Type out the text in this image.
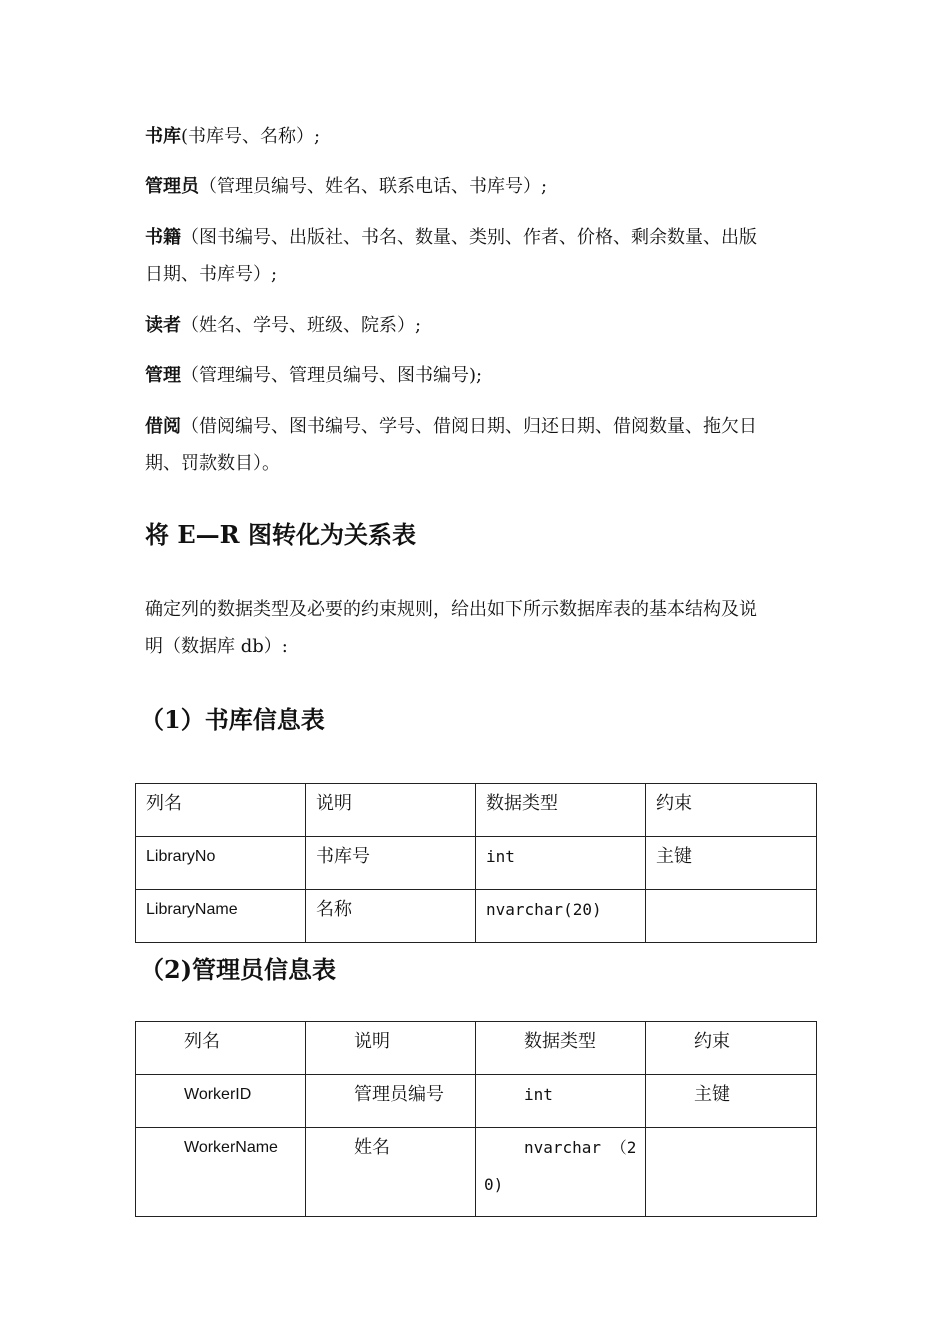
书库(书库号、名称）;
管理员（管理员编号、姓名、联系电话、书库号）;
书籍（图书编号、出版社、书名、数量、类别、作者、价格、剩余数量、出版
日期、书库号）;
读者（姓名、学号、班级、院系）;
管理（管理编号、管理员编号、图书编号);
借阅（借阅编号、图书编号、学号、借阅日期、归还日期、借阅数量、拖欠日
期、罚款数目）。
将 E—R 图转化为关系表
确定列的数据类型及必要的约束规则，给出如下所示数据库表的基本结构及说
明（数据库 db）:
（1）书库信息表
列名	说明	数据类型	约束

LibraryNo	书库号	int	主键

LibraryName	名称	nvarchar(20)	

（2)管理员信息表
列名	说明	数据类型	约束

WorkerID	管理员编号	int	主键

WorkerName	姓名	nvarchar （2
0)	
